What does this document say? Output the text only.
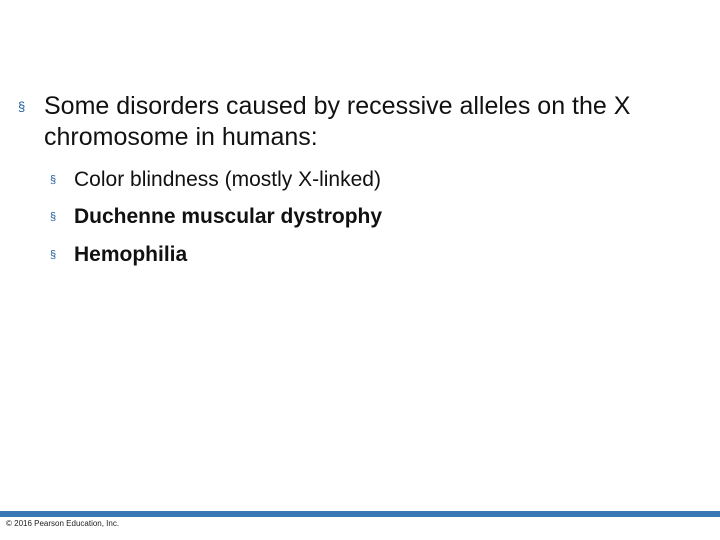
§ Some disorders caused by recessive alleles on the X chromosome in humans:
§ Color blindness (mostly X-linked)
§ Duchenne muscular dystrophy
§ Hemophilia
© 2016 Pearson Education, Inc.
